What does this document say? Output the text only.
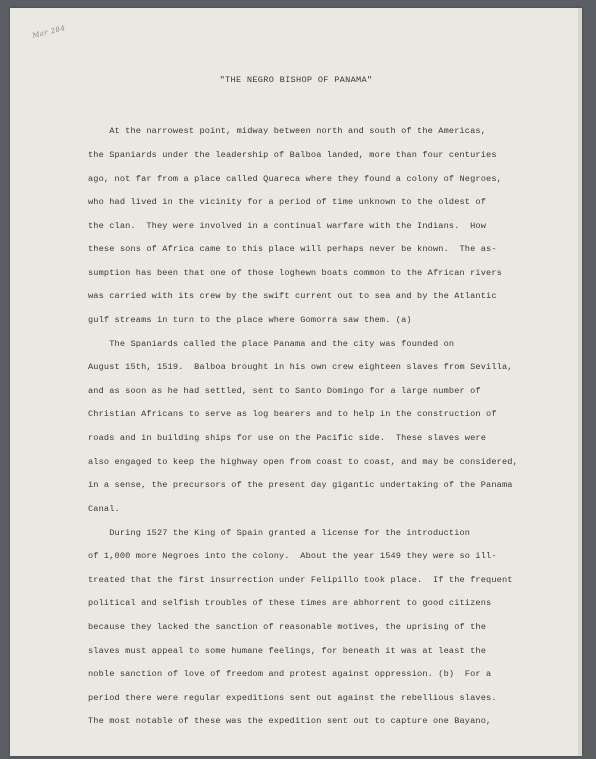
Mar 284
"THE NEGRO BISHOP OF PANAMA"
At the narrowest point, midway between north and south of the Americas,
the Spaniards under the leadership of Balboa landed, more than four centuries
ago, not far from a place called Quareca where they found a colony of Negroes,
who had lived in the vicinity for a period of time unknown to the oldest of
the clan.  They were involved in a continual warfare with the Indians.  How
these sons of Africa came to this place will perhaps never be known.  The as-
sumption has been that one of those loghewn boats common to the African rivers
was carried with its crew by the swift current out to sea and by the Atlantic
gulf streams in turn to the place where Gomorra saw them. (a)
The Spaniards called the place Panama and the city was founded on
August 15th, 1519.  Balboa brought in his own crew eighteen slaves from Sevilla,
and as soon as he had settled, sent to Santo Domingo for a large number of
Christian Africans to serve as log bearers and to help in the construction of
roads and in building ships for use on the Pacific side.  These slaves were
also engaged to keep the highway open from coast to coast, and may be considered,
in a sense, the precursors of the present day gigantic undertaking of the Panama
Canal.
During 1527 the King of Spain granted a license for the introduction
of 1,000 more Negroes into the colony.  About the year 1549 they were so ill-
treated that the first insurrection under Felipillo took place.  If the frequent
political and selfish troubles of these times are abhorrent to good citizens
because they lacked the sanction of reasonable motives, the uprising of the
slaves must appeal to some humane feelings, for beneath it was at least the
noble sanction of love of freedom and protest against oppression. (b)  For a
period there were regular expeditions sent out against the rebellious slaves.
The most notable of these was the expedition sent out to capture one Bayano,
